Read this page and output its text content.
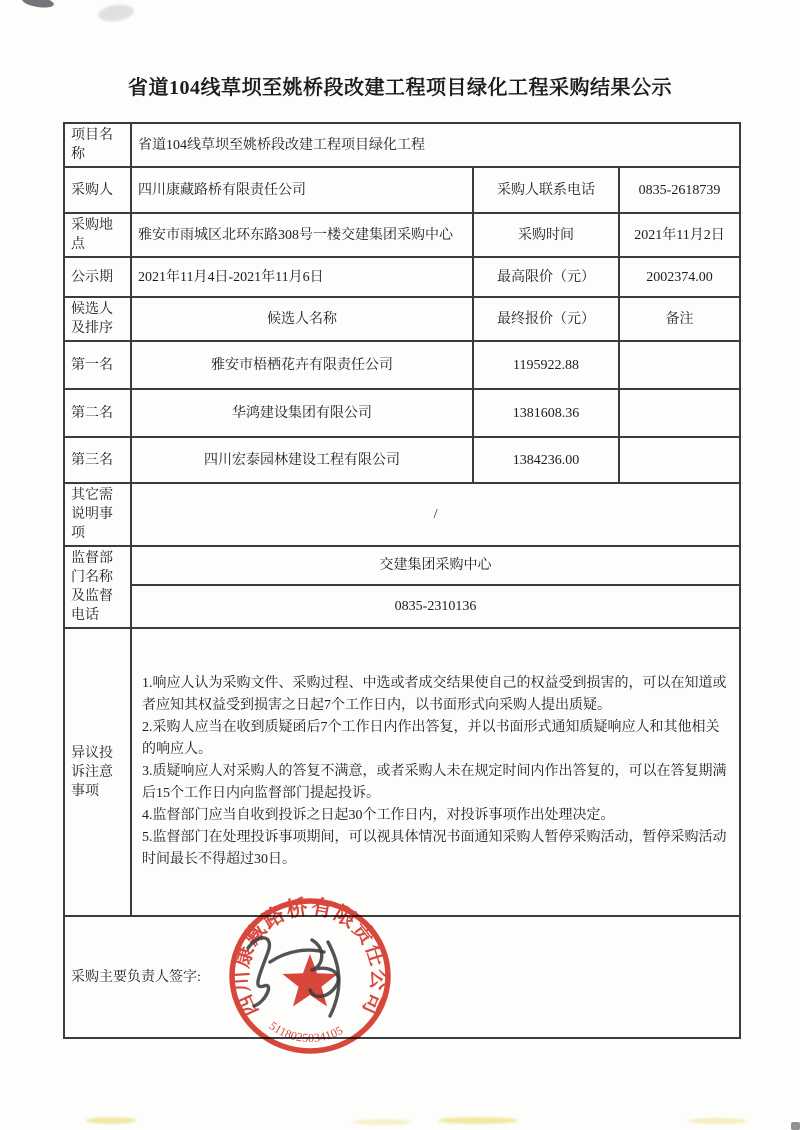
省道104线草坝至姚桥段改建工程项目绿化工程采购结果公示
项目名称	省道104线草坝至姚桥段改建工程项目绿化工程		
采购人	四川康藏路桥有限责任公司	采购人联系电话	0835-2618739
采购地点	雅安市雨城区北环东路308号一楼交建集团采购中心	采购时间	2021年11月2日
公示期	2021年11月4日-2021年11月6日	最高限价（元）	2002374.00
候选人及排序	候选人名称	最终报价（元）	备注
第一名	雅安市梧栖花卉有限责任公司	1195922.88	
第二名	华鸿建设集团有限公司	1381608.36	
第三名	四川宏泰园林建设工程有限公司	1384236.00	
其它需说明事项	/		
监督部门名称及监督电话	交建集团采购中心		
	0835-2310136		
异议投诉注意事项	1.响应人认为采购文件、采购过程、中选或者成交结果使自己的权益受到损害的，可以在知道或者应知其权益受到损害之日起7个工作日内，以书面形式向采购人提出质疑。
2.采购人应当在收到质疑函后7个工作日内作出答复，并以书面形式通知质疑响应人和其他相关的响应人。
3.质疑响应人对采购人的答复不满意，或者采购人未在规定时间内作出答复的，可以在答复期满后15个工作日内向监督部门提起投诉。
4.监督部门应当自收到投诉之日起30个工作日内，对投诉事项作出处理决定。
5.监督部门在处理投诉事项期间，可以视具体情况书面通知采购人暂停采购活动，暂停采购活动时间最长不得超过30日。		

采购主要负责人签字:			
四川康藏路桥有限责任公司
5118025034105
